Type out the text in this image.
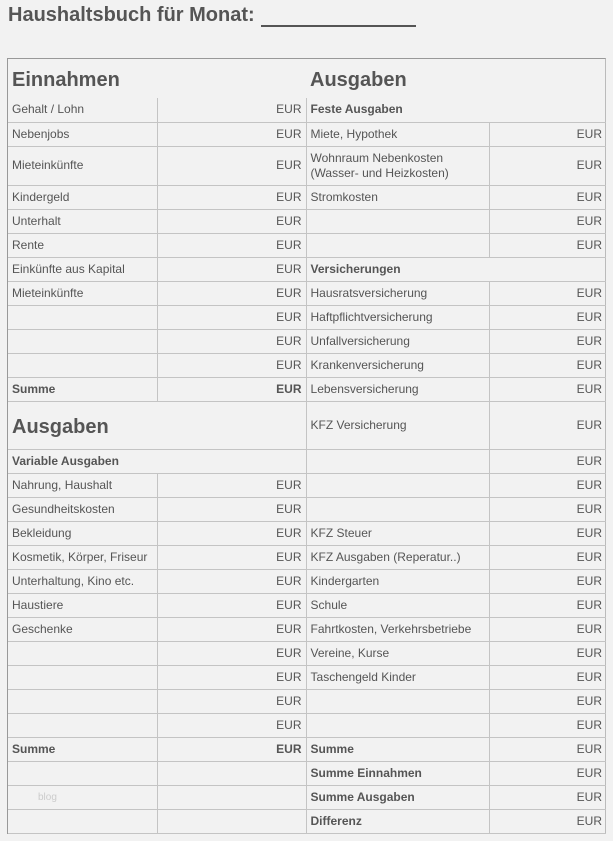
Haushaltsbuch für Monat:
Einnahmen		Ausgaben	
Gehalt / Lohn	EUR	Feste Ausgaben	
Nebenjobs	EUR	Miete, Hypothek	EUR
Mieteinkünfte	EUR	Wohnraum Nebenkosten (Wasser- und Heizkosten)	EUR
Kindergeld	EUR	Stromkosten	EUR
Unterhalt	EUR		EUR
Rente	EUR		EUR
Einkünfte aus Kapital	EUR	Versicherungen	
Mieteinkünfte	EUR	Hausratsversicherung	EUR
	EUR	Haftpflichtversicherung	EUR
	EUR	Unfallversicherung	EUR
	EUR	Krankenversicherung	EUR
Summe	EUR	Lebensversicherung	EUR
Ausgaben		KFZ Versicherung	EUR
Variable Ausgaben			EUR
Nahrung, Haushalt	EUR		EUR
Gesundheitskosten	EUR		EUR
Bekleidung	EUR	KFZ Steuer	EUR
Kosmetik, Körper, Friseur	EUR	KFZ Ausgaben (Reperatur..)	EUR
Unterhaltung, Kino etc.	EUR	Kindergarten	EUR
Haustiere	EUR	Schule	EUR
Geschenke	EUR	Fahrtkosten, Verkehrsbetriebe	EUR
	EUR	Vereine, Kurse	EUR
	EUR	Taschengeld Kinder	EUR
	EUR		EUR
	EUR		EUR
Summe	EUR	Summe	EUR
		Summe Einnahmen	EUR
blog		Summe Ausgaben	EUR
		Differenz	EUR
